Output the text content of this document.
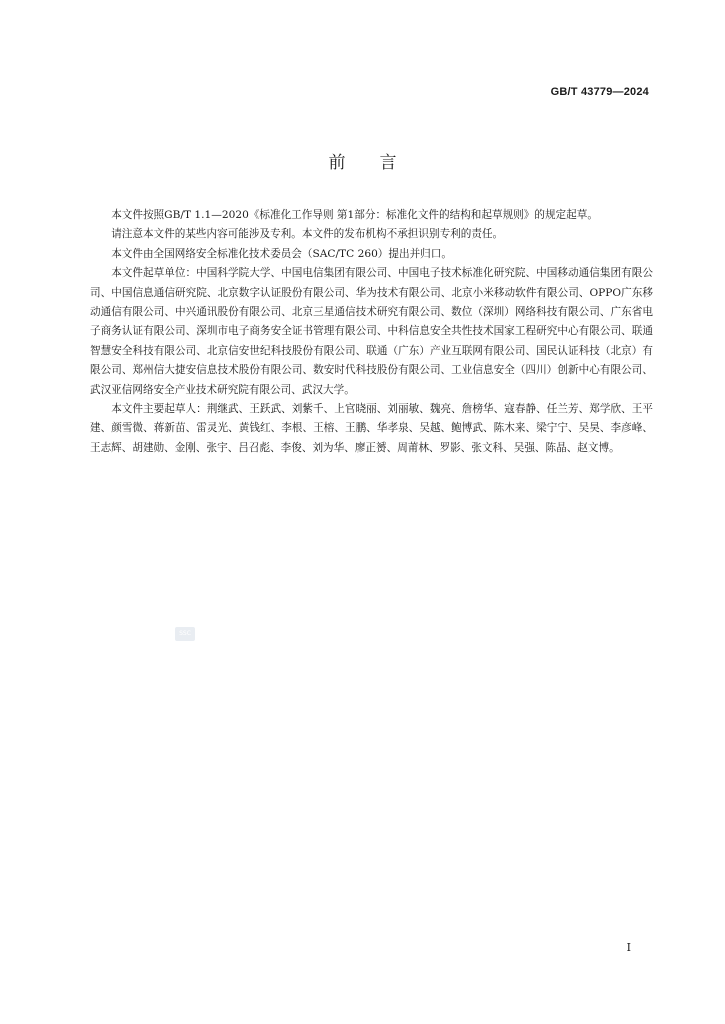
GB/T 43779—2024
前言

本文件按照GB/T 1.1—2020《标准化工作导则 第1部分：标准化文件的结构和起草规则》的规定起草。

请注意本文件的某些内容可能涉及专利。本文件的发布机构不承担识别专利的责任。

本文件由全国网络安全标准化技术委员会（SAC/TC 260）提出并归口。

本文件起草单位：中国科学院大学、中国电信集团有限公司、中国电子技术标准化研究院、中国移动通信集团有限公司、中国信息通信研究院、北京数字认证股份有限公司、华为技术有限公司、北京小米移动软件有限公司、OPPO广东移动通信有限公司、中兴通讯股份有限公司、北京三星通信技术研究有限公司、数位（深圳）网络科技有限公司、广东省电子商务认证有限公司、深圳市电子商务安全证书管理有限公司、中科信息安全共性技术国家工程研究中心有限公司、联通智慧安全科技有限公司、北京信安世纪科技股份有限公司、联通（广东）产业互联网有限公司、国民认证科技（北京）有限公司、郑州信大捷安信息技术股份有限公司、数安时代科技股份有限公司、工业信息安全（四川）创新中心有限公司、武汉亚信网络安全产业技术研究院有限公司、武汉大学。

本文件主要起草人：荆继武、王跃武、刘紫千、上官晓丽、刘丽敏、魏亮、詹榜华、寇春静、任兰芳、郑学欣、王平建、颜雪微、蒋新苗、雷灵光、黄钱红、李根、王榕、王鹏、华孝泉、吴越、鲍博武、陈木来、梁宁宁、吴昊、李彦峰、王志辉、胡建勋、金刚、张宇、吕召彪、李俊、刘为华、廖正赟、周莆林、罗影、张文科、吴强、陈晶、赵文博。

SSC
I
